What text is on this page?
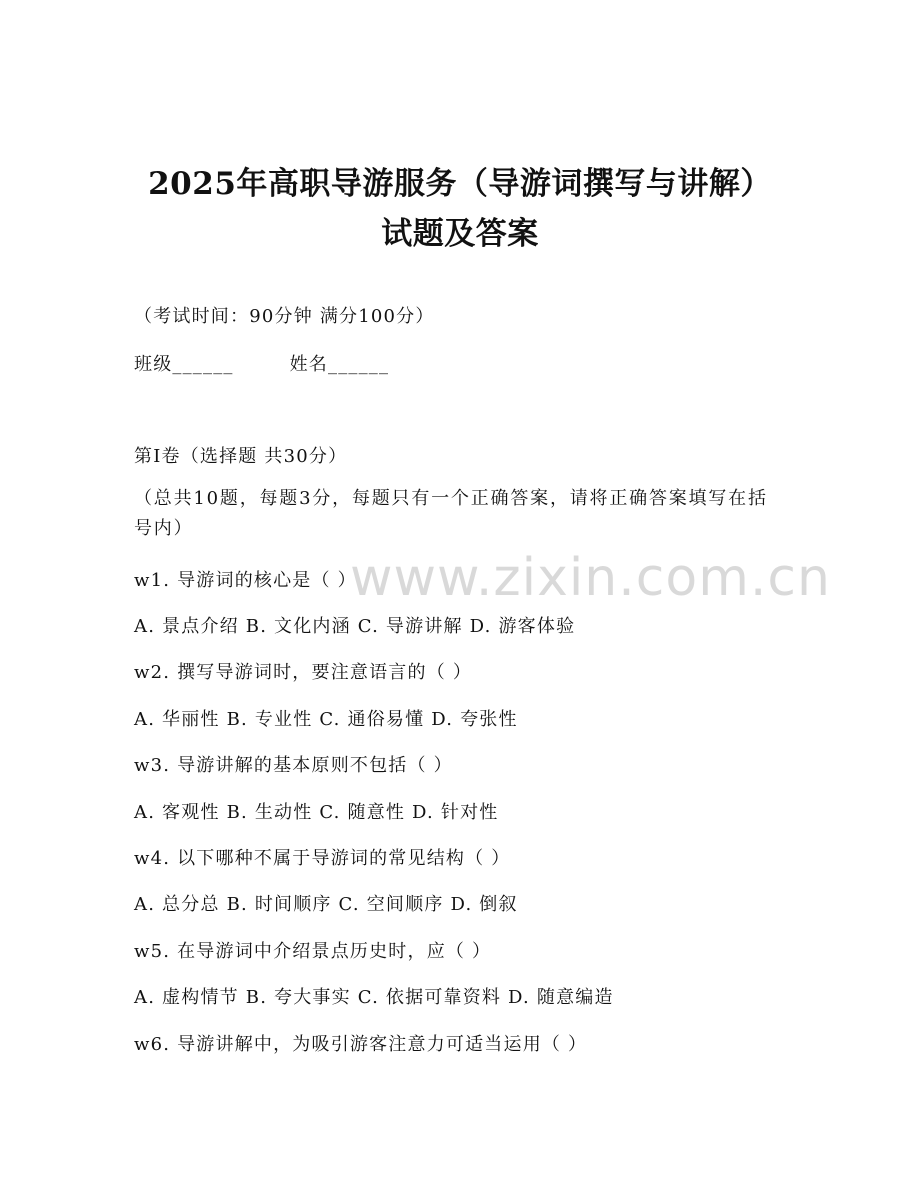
2025年高职导游服务（导游词撰写与讲解）
试题及答案
（考试时间：90分钟 满分100分）
班级______	姓名______
第Ⅰ卷（选择题 共30分）
（总共10题，每题3分，每题只有一个正确答案，请将正确答案填写在括号内）
w1. 导游词的核心是（ ）
A. 景点介绍 B. 文化内涵 C. 导游讲解 D. 游客体验
w2. 撰写导游词时，要注意语言的（ ）
A. 华丽性 B. 专业性 C. 通俗易懂 D. 夸张性
w3. 导游讲解的基本原则不包括（ ）
A. 客观性 B. 生动性 C. 随意性 D. 针对性
w4. 以下哪种不属于导游词的常见结构（ ）
A. 总分总 B. 时间顺序 C. 空间顺序 D. 倒叙
w5. 在导游词中介绍景点历史时，应（ ）
A. 虚构情节 B. 夸大事实 C. 依据可靠资料 D. 随意编造
w6. 导游讲解中，为吸引游客注意力可适当运用（ ）
www.zixin.com.cn
